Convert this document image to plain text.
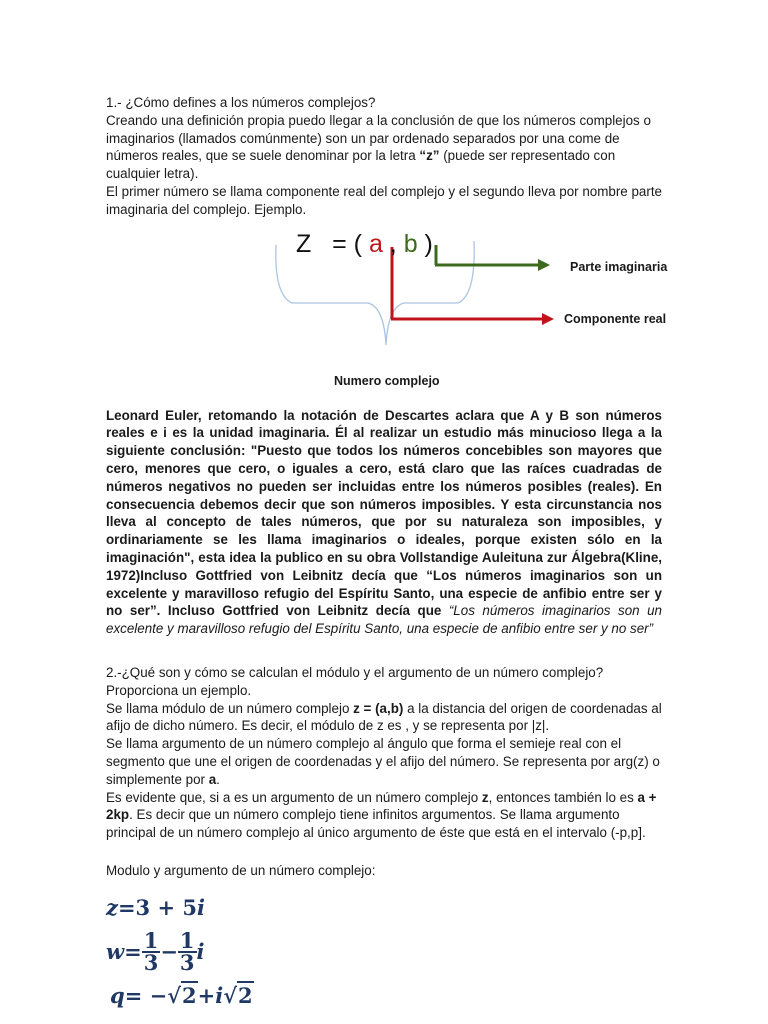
1.- ¿Cómo defines a los números complejos?

Creando una definición propia puedo llegar a la conclusión de que los números complejos o imaginarios (llamados comúnmente) son un par ordenado separados por una come de números reales, que se suele denominar por la letra “z” (puede ser representado con cualquier letra).

El primer número se llama componente real del complejo y el segundo lleva por nombre parte imaginaria del complejo. Ejemplo.

Z   = ( a , b )
Parte imaginaria
Componente real
Numero complejo

Leonard Euler, retomando la notación de Descartes aclara que A y B son números reales e i es la unidad imaginaria. Él al realizar un estudio más minucioso llega a la siguiente conclusión: "Puesto que todos los números concebibles son mayores que cero, menores que cero, o iguales a cero, está claro que las raíces cuadradas de números negativos no pueden ser incluidas entre los números posibles (reales). En consecuencia debemos decir que son números imposibles. Y esta circunstancia nos lleva al concepto de tales números, que por su naturaleza son imposibles, y ordinariamente se les llama imaginarios o ideales, porque existen sólo en la imaginación", esta idea la publico en su obra Vollstandige Auleituna zur Álgebra(Kline, 1972)Incluso Gottfried von Leibnitz decía que “Los números imaginarios son un excelente y maravilloso refugio del Espíritu Santo, una especie de anfibio entre ser y no ser”. Incluso Gottfried von Leibnitz decía que “Los números imaginarios son un excelente y maravilloso refugio del Espíritu Santo, una especie de anfibio entre ser y no ser”

2.-¿Qué son y cómo se calculan el módulo y el argumento de un número complejo? Proporciona un ejemplo.

Se llama módulo de un número complejo z = (a,b) a la distancia del origen de coordenadas al afijo de dicho número. Es decir, el módulo de z es , y se representa por |z|.

Se llama argumento de un número complejo al ángulo que forma el semieje real con el segmento que une el origen de coordenadas y el afijo del número. Se representa por arg(z) o simplemente por a.

Es evidente que, si a es un argumento de un número complejo z, entonces también lo es a + 2kp. Es decir que un número complejo tiene infinitos argumentos. Se llama argumento principal de un número complejo al único argumento de éste que está en el intervalo (-p,p].

Modulo y argumento de un número complejo:

z = 3 + 5 i
$w = \frac{1}{3} - \frac{1}{3}$ i
q = − √2 + i √2
